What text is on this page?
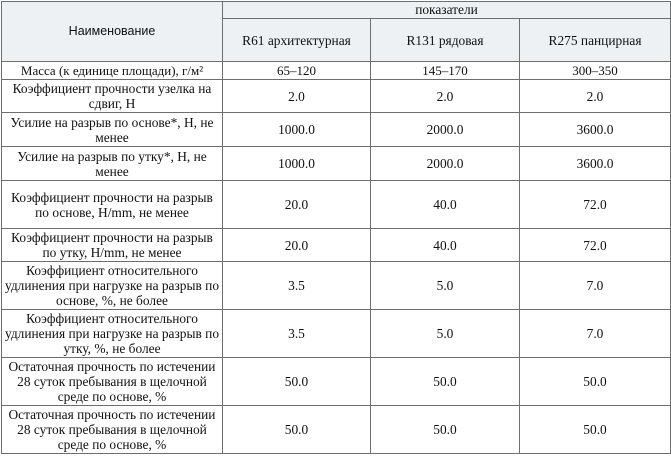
Наименование	показатели		
	R61 архитектурная	R131 рядовая	R275 панцирная
Масса (к единице площади), г/м²	65–120	145–170	300–350
Коэффициент прочности узелка на сдвиг, Н	2.0	2.0	2.0
Усилие на разрыв по основе*, Н, не менее	1000.0	2000.0	3600.0
Усилие на разрыв по утку*, Н, не менее	1000.0	2000.0	3600.0
Коэффициент прочности на разрыв по основе, Н/mm, не менее	20.0	40.0	72.0
Коэффициент прочности на разрыв по утку, Н/mm, не менее	20.0	40.0	72.0
Коэффициент относительного удлинения при нагрузке на разрыв по основе, %, не более	3.5	5.0	7.0
Коэффициент относительного удлинения при нагрузке на разрыв по утку, %, не более	3.5	5.0	7.0
Остаточная прочность по истечении 28 суток пребывания в щелочной среде по основе, %	50.0	50.0	50.0
Остаточная прочность по истечении 28 суток пребывания в щелочной среде по основе, %	50.0	50.0	50.0
